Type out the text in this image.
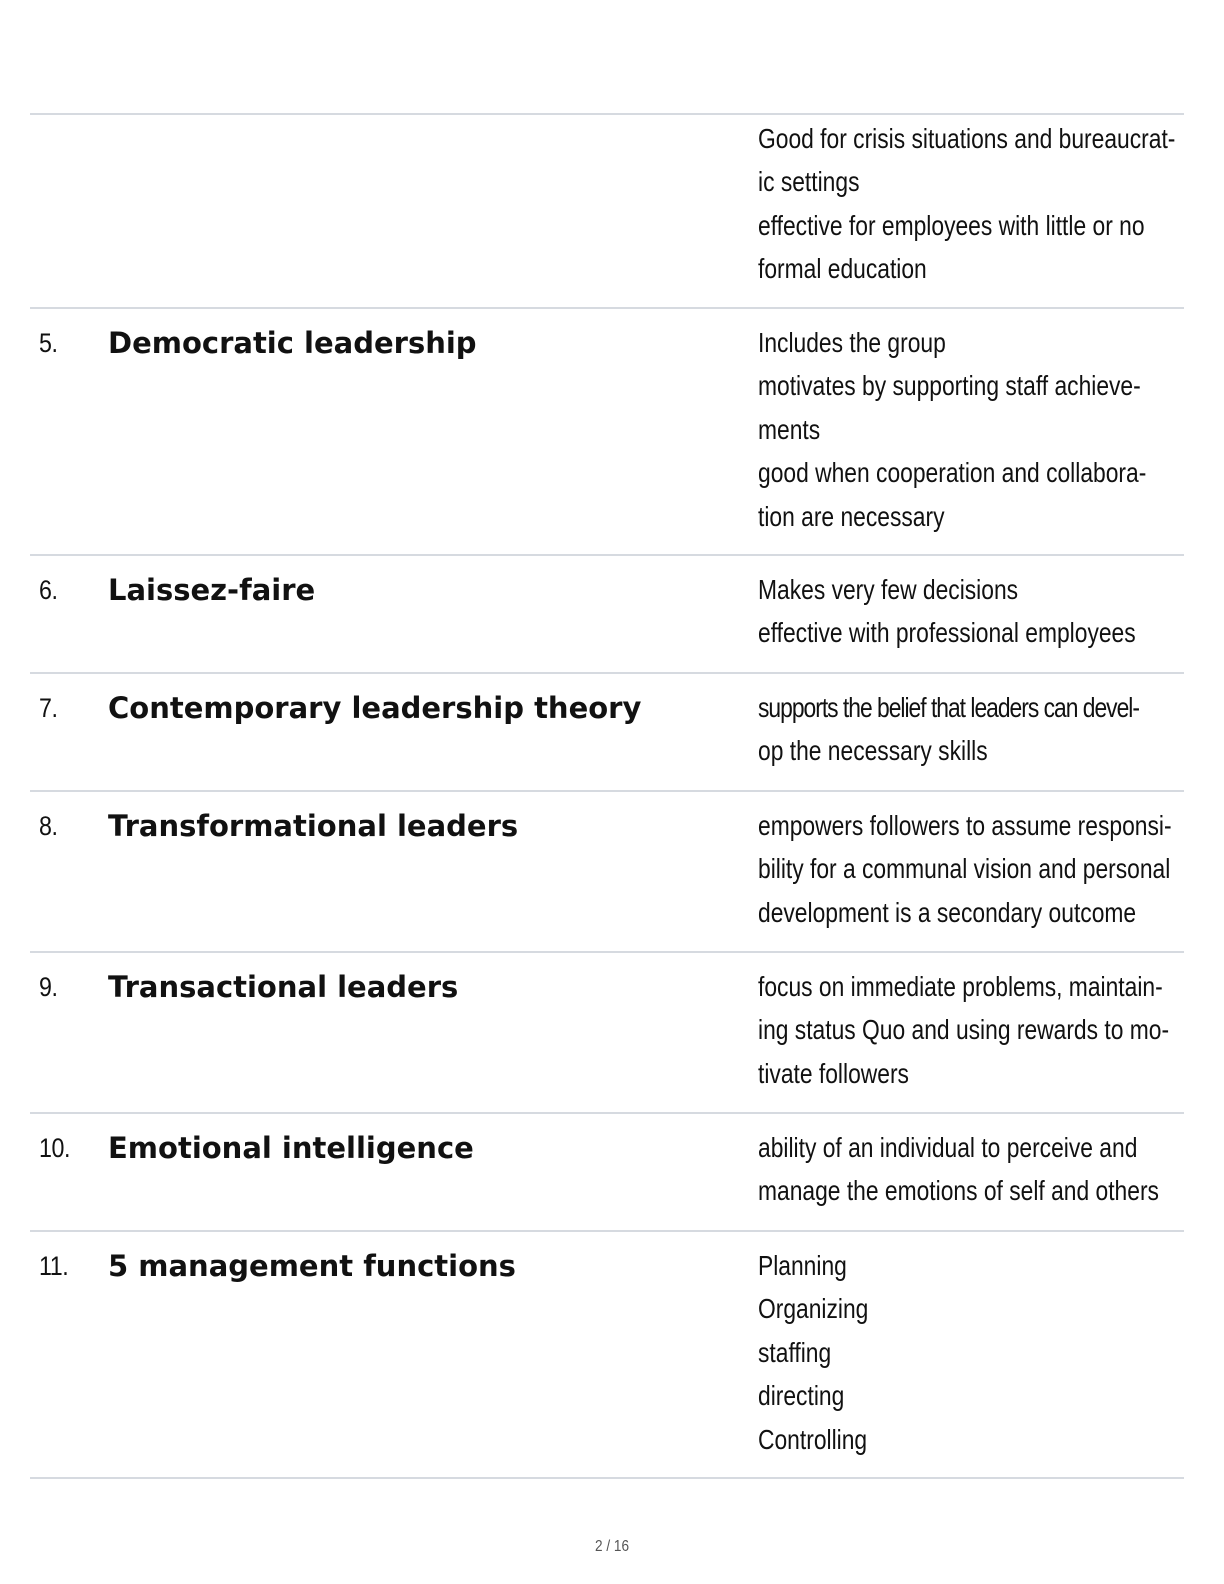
Good for crisis situations and bureaucrat-
ic settings
effective for employees with little or no
formal education
5. Democratic leadership	Includes the group
motivates by supporting staff achieve-
ments
good when cooperation and collabora-
tion are necessary
6. Laissez-faire	Makes very few decisions
effective with professional employees
7. Contemporary leadership theory	supports the belief that leaders can devel-
op the necessary skills
8. Transformational leaders	empowers followers to assume responsi-
bility for a communal vision and personal
development is a secondary outcome
9. Transactional leaders	focus on immediate problems, maintain-
ing status Quo and using rewards to mo-
tivate followers
10. Emotional intelligence	ability of an individual to perceive and
manage the emotions of self and others
11. 5 management functions	Planning
Organizing
staffing
directing
Controlling
2 / 16
